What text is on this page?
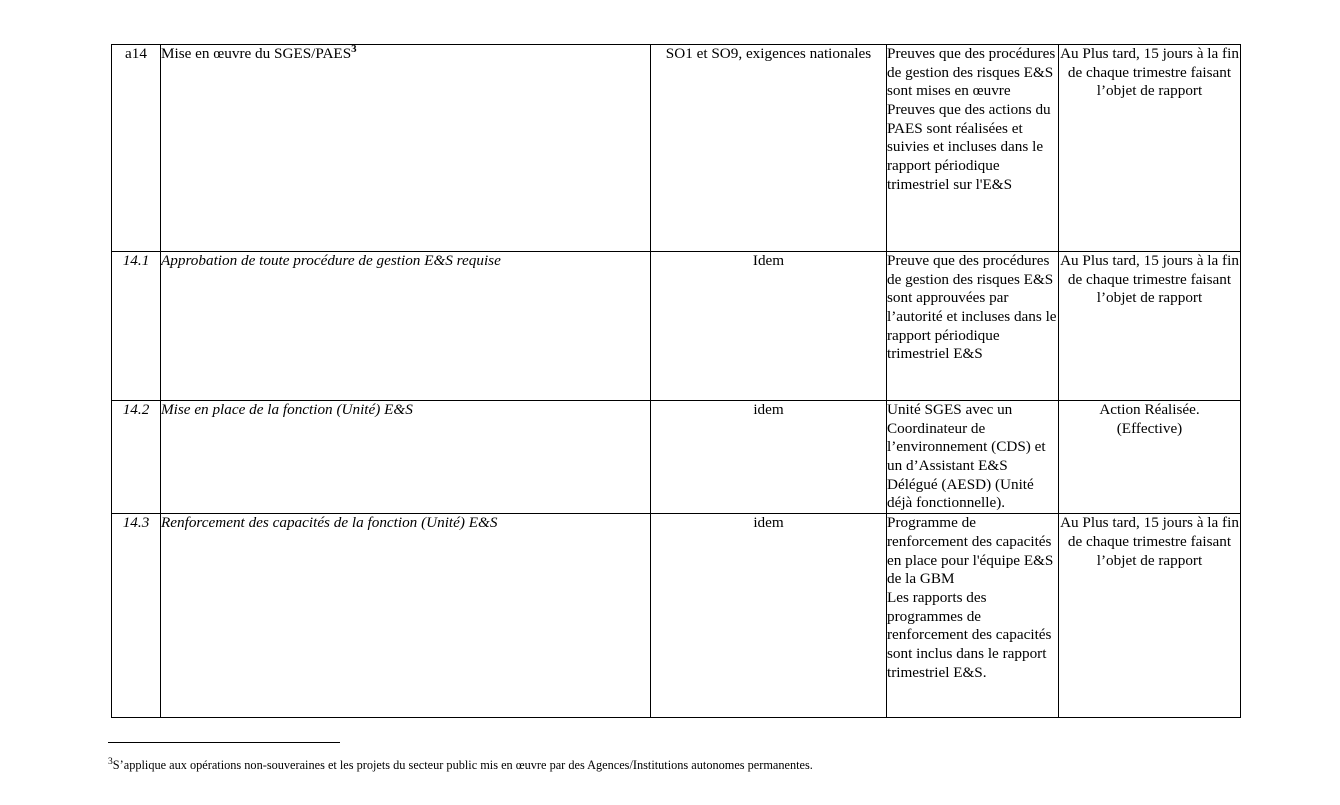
a14	Mise en œuvre du SGES/PAES$^3$	SO1 et SO9, exigences nationales	Preuves que des procédures de gestion des risques E&S sont mises en œuvre
Preuves que des actions du PAES sont réalisées et suivies et incluses dans le rapport périodique trimestriel sur l'E&S	Au Plus tard, 15 jours à la fin de chaque trimestre faisant l’objet de rapport

14.1	Approbation de toute procédure de gestion E&S requise	Idem	Preuve que des procédures de gestion des risques E&S sont approuvées par l’autorité et incluses dans le rapport périodique trimestriel E&S	Au Plus tard, 15 jours à la fin de chaque trimestre faisant l’objet de rapport

14.2	Mise en place de la fonction (Unité) E&S	idem	Unité SGES avec un Coordinateur de l’environnement (CDS) et un d’Assistant E&S Délégué (AESD) (Unité déjà fonctionnelle).	Action Réalisée.
(Effective)

14.3	Renforcement des capacités de la fonction (Unité) E&S	idem	Programme de renforcement des capacités en place pour l'équipe E&S de la GBM
Les rapports des programmes de renforcement des capacités sont inclus dans le rapport trimestriel E&S.	Au Plus tard, 15 jours à la fin de chaque trimestre faisant l’objet de rapport
$^3$S’applique aux opérations non-souveraines et les projets du secteur public mis en œuvre par des Agences/Institutions autonomes permanentes.
